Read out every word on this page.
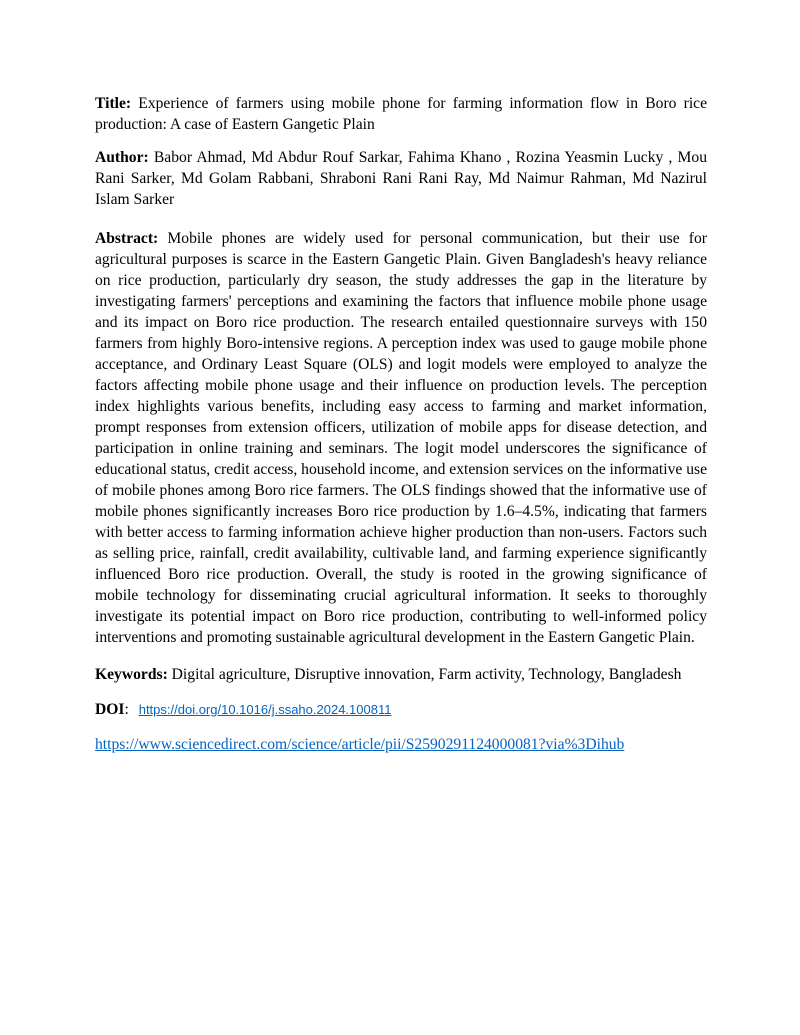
Title: Experience of farmers using mobile phone for farming information flow in Boro rice production: A case of Eastern Gangetic Plain

Author: Babor Ahmad, Md Abdur Rouf Sarkar, Fahima Khano , Rozina Yeasmin Lucky , Mou Rani Sarker, Md Golam Rabbani, Shraboni Rani Rani Ray, Md Naimur Rahman, Md Nazirul Islam Sarker

Abstract: Mobile phones are widely used for personal communication, but their use for agricultural purposes is scarce in the Eastern Gangetic Plain. Given Bangladesh's heavy reliance on rice production, particularly dry season, the study addresses the gap in the literature by investigating farmers' perceptions and examining the factors that influence mobile phone usage and its impact on Boro rice production. The research entailed questionnaire surveys with 150 farmers from highly Boro-intensive regions. A perception index was used to gauge mobile phone acceptance, and Ordinary Least Square (OLS) and logit models were employed to analyze the factors affecting mobile phone usage and their influence on production levels. The perception index highlights various benefits, including easy access to farming and market information, prompt responses from extension officers, utilization of mobile apps for disease detection, and participation in online training and seminars. The logit model underscores the significance of educational status, credit access, household income, and extension services on the informative use of mobile phones among Boro rice farmers. The OLS findings showed that the informative use of mobile phones significantly increases Boro rice production by 1.6–4.5%, indicating that farmers with better access to farming information achieve higher production than non-users. Factors such as selling price, rainfall, credit availability, cultivable land, and farming experience significantly influenced Boro rice production. Overall, the study is rooted in the growing significance of mobile technology for disseminating crucial agricultural information. It seeks to thoroughly investigate its potential impact on Boro rice production, contributing to well-informed policy interventions and promoting sustainable agricultural development in the Eastern Gangetic Plain.

Keywords: Digital agriculture, Disruptive innovation, Farm activity, Technology, Bangladesh

DOI: https://doi.org/10.1016/j.ssaho.2024.100811

https://www.sciencedirect.com/science/article/pii/S2590291124000081?via%3Dihub
